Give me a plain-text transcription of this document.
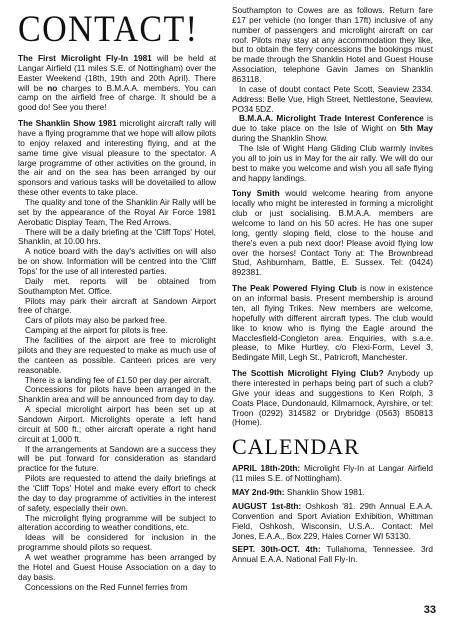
CONTACT!

The First Microlight Fly-In 1981 will be held at Langar Airfield (11 miles S.E. of Nottingham) over the Easter Weekend (18th, 19th and 20th April). There will be no charges to B.M.A.A. members. You can camp on the airfield free of charge. It should be a good do! See you there!

The Shanklin Show 1981 microlight aircraft rally will have a flying programme that we hope will allow pilots to enjoy relaxed and interesting flying, and at the same time give visual pleasure to the spectator. A large programme of other activities on the ground, in the air and on the sea has been arranged by our sponsors and various tasks will be dovetailed to allow these other events to take place.

The quality and tone of the Shanklin Air Rally will be set by the appearance of the Royal Air Force 1981 Aerobatic Display Team, The Red Arrows.

There will be a daily briefing at the 'Cliff Tops' Hotel, Shanklin, at 10.00 hrs.

A notice board with the day's activities on will also be on show. Information will be centred into the 'Cliff Tops' for the use of all interested parties.

Daily met. reports will be obtained from Southampton Met. Office.

Pilots may park their aircraft at Sandown Airport free of charge.

Cars of pilots may also be parked free.

Camping at the airport for pilots is free.

The facilities of the airport are free to microlight pilots and they are requested to make as much use of the canteen as possible. Canteen prices are very reasonable.

There is a landing fee of £1.50 per day per aircraft.

Concessions for pilots have been arranged in the Shanklin area and will be announced from day to day.

A special microlight airport has been set up at Sandown Airport. Microlights operate a left hand circuit at 500 ft.; other aircraft operate a right hand circuit at 1,000 ft.

If the arrangements at Sandown are a success they will be put forward for consideration as standard practice for the future.

Pilots are requested to attend the daily briefings at the 'Cliff Tops' Hotel and make every effort to check the day to day programme of activities in the interest of safety, especially their own.

The microlight flying programme will be subject to alteration according to weather conditions, etc.

Ideas will be considered for inclusion in the programme should pilots so request.

A wet weather programme has been arranged by the Hotel and Guest House Association on a day to day basis.

Concessions on the Red Funnel ferries from

Southampton to Cowes are as follows. Return fare £17 per vehicle (no longer than 17ft) inclusive of any number of passengers and microlight aircraft on car roof. Pilots may stay at any accommodation they like, but to obtain the ferry concessions the bookings must be made through the Shanklin Hotel and Guest House Association, telephone Gavin James on Shanklin 863118.

In case of doubt contact Pete Scott, Seaview 2334. Address: Belle Vue, High Street, Nettlestone, Seaview, PO34 5DZ.

B.M.A.A. Microlight Trade Interest Conference is due to take place on the Isle of Wight on 5th May during the Shanklin Show.

The Isle of Wight Hang Gliding Club warmly invites you all to join us in May for the air rally. We will do our best to make you welcome and wish you all safe flying and happy landings.

Tony Smith would welcome hearing from anyone locally who might be interested in forming a microlight club or just socialising. B.M.A.A. members are welcome to land on his 50 acres. He has one super long, gently sloping field, close to the house and there's even a pub next door! Please avoid flying low over the horses! Contact Tony at: The Brownbread Stud, Ashburnham, Battle, E. Sussex. Tel: (0424) 892381.

The Peak Powered Flying Club is now in existence on an informal basis. Present membership is around ten, all flying Trikes. New members are welcome, hopefully with different aircraft types. The club would like to know who is flying the Eagle around the Macclesfield-Congleton area. Enquiries, with s.a.e. please, to Mike Hurtley, c/o Flexi-Form, Level 3, Bedingate Mill, Legh St., Patricroft, Manchester.

The Scottish Microlight Flying Club? Anybody up there interested in perhaps being part of such a club? Give your ideas and suggestions to Ken Rolph, 3 Coats Place, Dundonauld, Kilmarnock, Ayrshire, or tel: Troon (0292) 314582 or Drybridge (0563) 850813 (Home).

CALENDAR

APRIL 18th-20th: Microlight Fly-In at Langar Airfield (11 miles S.E. of Nottingham).

MAY 2nd-9th: Shanklin Show 1981.

AUGUST 1st-8th: Oshkosh '81. 29th Annual E.A.A. Convention and Sport Aviation Exhibition, Whittman Field, Oshkosh, Wisconsin, U.S.A.. Contact: Mel Jones, E.A.A., Box 229, Hales Corner WI 53130.

SEPT. 30th-OCT. 4th: Tullahoma, Tennessee. 3rd Annual E.A.A. National Fall Fly-In.

33
